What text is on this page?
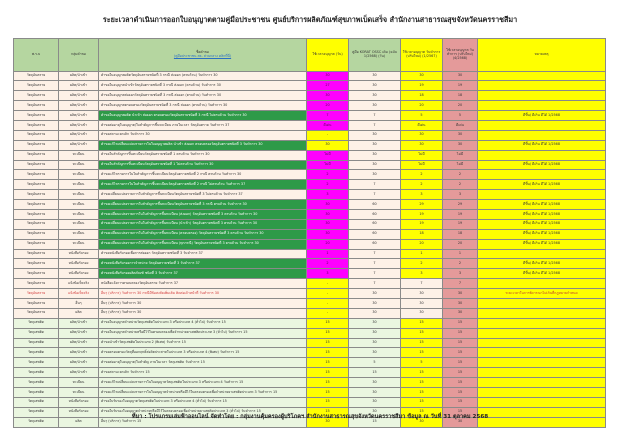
ระยะเวลาดำเนินการออกใบอนุญาตตามคู่มือประชาชน ศูนย์บริการผลิตภัณฑ์สุขภาพเบ็ดเสร็จ สำนักงานสาธารณสุขจังหวัดนครราชสีมา
พ.ร.บ	กลุ่มคำขอ	ชื่อคำขอ
(คู่มือประชาชน สธ. ส่วนกลาง คลิกที่นี่)	ใช้เวลาอนุญาต (วัน)	คู่มือ KORAT OSSC เดิม (ฉบับ 1/2568) (วัน)	ใช้เวลาอนุญาต วันทำการ (ปรับใหม่) (1/2567)	ใช้เวลาอนุญาต วันทำการ (ปรับใหม่) (4/2568)	หมายเหตุ
วัตถุอันตราย	ผลิต/นำเข้า	คำขอใบอนุญาตผลิตวัตถุอันตรายชนิดที่ 3 กรณี ส่งออก (ครบถ้วน) วันทำการ 30	30	30	30	30	
วัตถุอันตราย	ผลิต/นำเข้า	คำขอใบอนุญาตนำเข้าวัตถุอันตรายชนิดที่ 3 กรณี ส่งออก (ครบถ้วน) วันทำการ 30	27	30	19	19	
วัตถุอันตราย	ผลิต/นำเข้า	คำขอใบอนุญาตส่งออกวัตถุอันตรายชนิดที่ 3 กรณี ส่งออก (ครบถ้วน) วันทำการ 30	30	30	18	18	
วัตถุอันตราย	ผลิต/นำเข้า	คำขอใบอนุญาตครอบครองวัตถุอันตรายชนิดที่ 3 กรณี ส่งออก (ครบถ้วน) วันทำการ 30	20	30	20	20	
วัตถุอันตราย	ผลิต/นำเข้า	คำขอใบอนุญาตผลิต นำเข้า ส่งออก ครอบครองวัตถุอันตรายชนิดที่ 3 กรณี ไม่ครบถ้วน วันทำการ 30	7	7	5	5	ดีขึ้น/ ดีเกิน ดีได้ 1/2568
วัตถุอันตราย	ผลิต/นำเข้า	คำขอต่ออายุใบอนุญาต/ใบสำคัญการขึ้นทะเบียน ภายในเวลา วัตถุอันตราย วันทำการ 37	ดีเด่น	7	ดีเด่น	ดีเด่น	
วัตถุอันตราย	ผลิต/นำเข้า	คำขอสถานะยกเลิก วันทำการ 30	-	30	30	30	
วัตถุอันตราย	ผลิต/นำเข้า	คำขอแก้ไขเปลี่ยนแปลงรายการในใบอนุญาตผลิต นำเข้า ส่งออก ครอบครองวัตถุอันตรายชนิดที่ 3 วันทำการ 30	30	30	30	30	ดีขึ้น/ ดีเกิน ดีได้ 1/2568
วัตถุอันตราย	ทะเบียน	คำขอใบสำคัญการขึ้นทะเบียนวัตถุอันตรายชนิดที่ 1 ครบถ้วน วันทำการ 30	ไม่มี	30	ไม่มี	ไม่มี	
วัตถุอันตราย	ทะเบียน	คำขอใบสำคัญการขึ้นทะเบียนวัตถุอันตรายชนิดที่ 1 ไม่ครบถ้วน วันทำการ 30	ไม่มี	30	ไม่มี	ไม่มี	ดีขึ้น/ ดีเกิน ดีได้ 1/2568
วัตถุอันตราย	ทะเบียน	คำขอแก้ไขรายการในใบสำคัญการขึ้นทะเบียนวัตถุอันตรายชนิดที่ 2 กรณี ครบถ้วน วันทำการ 30	2	30	2	2	
วัตถุอันตราย	ทะเบียน	คำขอแก้ไขรายการในใบสำคัญการขึ้นทะเบียนวัตถุอันตรายชนิดที่ 2 กรณี ไม่ครบถ้วน วันทำการ 37	2	7	2	2	ดีขึ้น/ ดีเกิน ดีได้ 1/2568
วัตถุอันตราย	ทะเบียน	คำขอเปลี่ยนแปลงรายการใบสำคัญการขึ้นทะเบียนวัตถุอันตรายชนิดที่ 3 ไม่ครบถ้วน วันทำการ 37	3	7	3	3	
วัตถุอันตราย	ทะเบียน	คำขอเปลี่ยนแปลงรายการใบสำคัญการขึ้นทะเบียนวัตถุอันตรายชนิดที่ 3 กรณี ครบถ้วน วันทำการ 30	30	60	29	29	ดีขึ้น/ ดีเกิน ดีได้ 1/2568
วัตถุอันตราย	ทะเบียน	คำขอเปลี่ยนแปลงรายการในใบสำคัญการขึ้นทะเบียน (ส่งออก) วัตถุอันตรายชนิดที่ 3 ครบถ้วน วันทำการ 30	30	60	19	19	ดีขึ้น/ ดีเกิน ดีได้ 1/2568
วัตถุอันตราย	ทะเบียน	คำขอเปลี่ยนแปลงรายการในใบสำคัญการขึ้นทะเบียน (นำเข้า) วัตถุอันตรายชนิดที่ 3 ครบถ้วน วันทำการ 30	30	60	19	19	ดีขึ้น/ ดีเกิน ดีได้ 1/2568
วัตถุอันตราย	ทะเบียน	คำขอเปลี่ยนแปลงรายการในใบสำคัญการขึ้นทะเบียน (ครอบครอง) วัตถุอันตรายชนิดที่ 3 ครบถ้วน วันทำการ 30	30	60	18	18	ดีขึ้น/ ดีเกิน ดีได้ 1/2568
วัตถุอันตราย	ทะเบียน	คำขอเปลี่ยนแปลงรายการในใบสำคัญการขึ้นทะเบียน (ทุกกรณี) วัตถุอันตรายชนิดที่ 3 ครบถ้วน วันทำการ 30	20	60	20	20	ดีขึ้น/ ดีเกิน ดีได้ 1/2568
วัตถุอันตราย	หนังสือรับรอง	คำขอหนังสือรับรองเพื่อการส่งออก วัตถุอันตรายชนิดที่ 3 วันทำการ 37	1	7	1	1	
วัตถุอันตราย	หนังสือรับรอง	คำขอหนังสือรับรองการจำหน่าย วัตถุอันตรายชนิดที่ 3 วันทำการ 37	2	7	2	2	ดีขึ้น/ ดีเกิน ดีได้ 1/2568
วัตถุอันตราย	หนังสือรับรอง	คำขอหนังสือรับรองผลิตภัณฑ์ ชนิดที่ 3 วันทำการ 37	3	7	3	3	ดีขึ้น/ ดีเกิน ดีได้ 1/2568
วัตถุอันตราย	แจ้งข้อเท็จจริง	หนังสือแจ้งการครอบครองวัตถุอันตราย วันทำการ 37	-	7	7	7	
วัตถุอันตราย	แจ้งข้อเท็จจริง	อื่นๆ (บริการ) วันทำการ 30 กรณีมีข้อสงสัยเพิ่มเติม ติดต่อเจ้าหน้าที่ วันทำการ 30	-	30	30	30	ระยะเวลาในการพิจารณาไม่เกินที่กฎหมายกำหนด
วัตถุอันตราย	อื่นๆ	อื่นๆ (บริการ) วันทำการ 30	-	30	30	30	
วัตถุอันตราย	ผลิต	อื่นๆ (บริการ) วันทำการ 30	-	30	30	30	
วัตถุเสพติด	ผลิต/นำเข้า	คำขอใบอนุญาตจำหน่ายวัตถุเสพติดในประเภท 3 หรือประเภท 4 (ทั่วไป) วันทำการ 15	15	30	15	15	
วัตถุเสพติด	ผลิต/นำเข้า	คำขอใบอนุญาตจำหน่ายหรือมีไว้ในครอบครองเพื่อจำหน่ายยาเสพติดประเภท 3 (ทั่วไป) วันทำการ 15	15	30	15	15	
วัตถุเสพติด	ผลิต/นำเข้า	คำขอนำเข้าวัตถุเสพติดในประเภท 2 (พิเศษ) วันทำการ 15	15	30	15	15	
วัตถุเสพติด	ผลิต/นำเข้า	คำขอครอบครองวัตถุที่ออกฤทธิ์ต่อจิตประสาทในประเภท 3 หรือประเภท 4 (พิเศษ) วันทำการ 15	15	30	15	15	
วัตถุเสพติด	ผลิต/นำเข้า	คำขอต่ออายุใบอนุญาต/ใบสำคัญ ภายในเวลา วัตถุเสพติด วันทำการ 15	15	5	5	15	
วัตถุเสพติด	ผลิต/นำเข้า	คำขอสถานะยกเลิก วันทำการ 15	15	15	15	15	
วัตถุเสพติด	ทะเบียน	คำขอแก้ไขเปลี่ยนแปลงรายการในใบอนุญาตวัตถุเสพติดในประเภท 3 หรือประเภท 4 วันทำการ 15	15	30	15	15	
วัตถุเสพติด	ทะเบียน	คำขอแก้ไขเปลี่ยนแปลงรายการในใบอนุญาตจำหน่ายหรือมีไว้ในครอบครองเพื่อจำหน่ายยาเสพติดประเภท 3 วันทำการ 15	15	30	15	15	
วัตถุเสพติด	หนังสือรับรอง	คำขอใบรับรองใบอนุญาตวัตถุเสพติดในประเภท 3 หรือประเภท 4 (ทั่วไป) วันทำการ 15	15	30	15	15	
วัตถุเสพติด	หนังสือรับรอง	คำขอใบรับรองใบอนุญาตจำหน่ายหรือมีไว้ในครอบครองเพื่อจำหน่ายยาเสพติดประเภท 3 (ทั่วไป) วันทำการ 15	15	30	15	15	
วัตถุเสพติด	ผลิต	อื่นๆ (บริการ) วันทำการ 15	30	15	30	30	
ที่มา : โปรแกรมเล่มฟ้าออนไลน์ จัดทำโดย : กลุ่มงานคุ้มครองผู้บริโภคฯ สำนักงานสาธารณสุขจังหวัดนครราชสีมา ข้อมูล ณ วันที่ 31 ตุลาคม 2568
